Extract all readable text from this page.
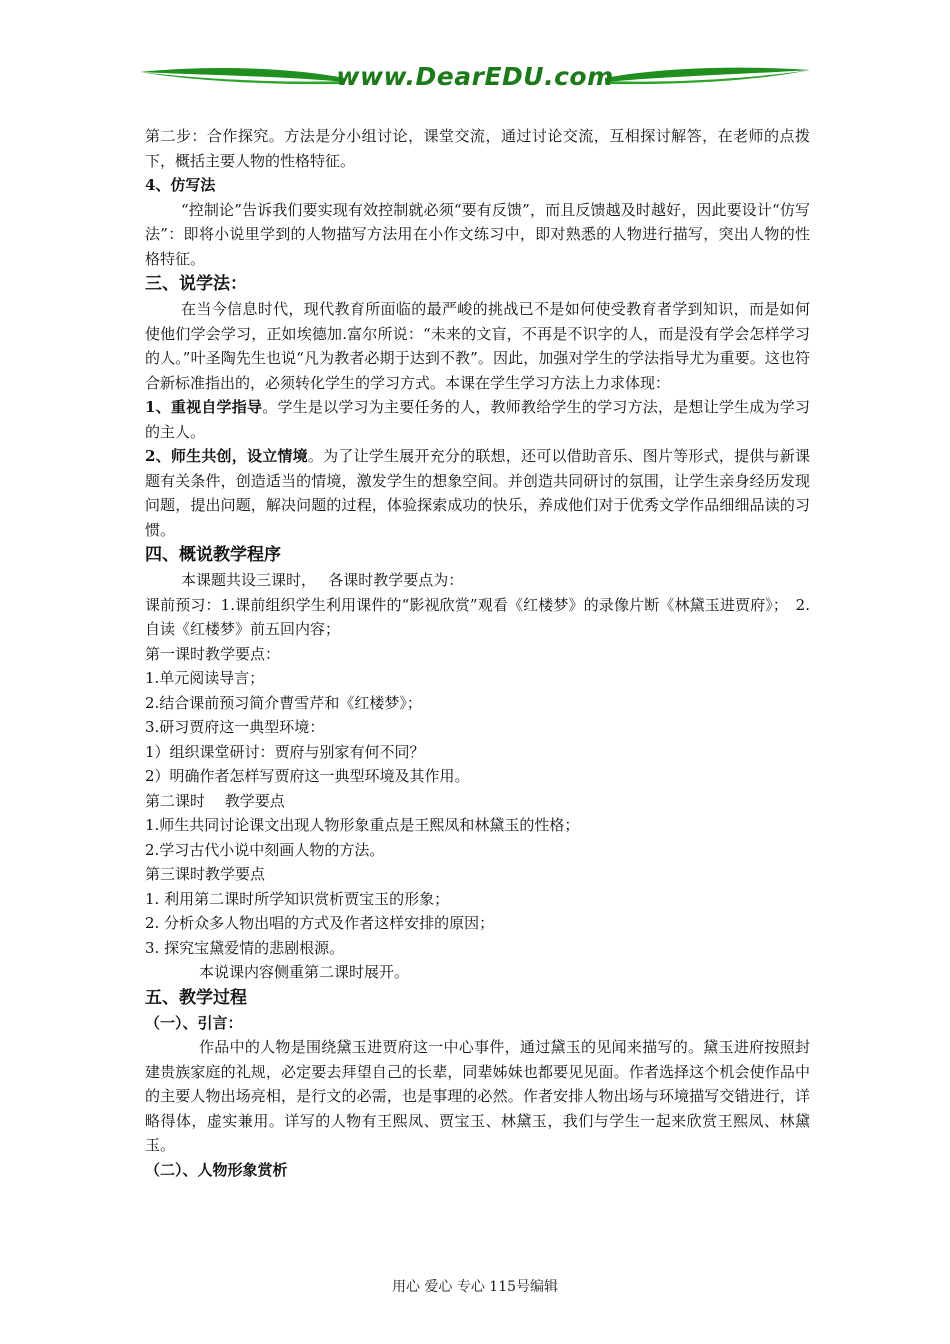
www.DearEDU.com

第二步：合作探究。方法是分小组讨论，课堂交流，通过讨论交流，互相探讨解答，在老师的点拨下，概括主要人物的性格特征。

4、仿写法

“控制论”告诉我们要实现有效控制就必须“要有反馈”，而且反馈越及时越好，因此要设计“仿写法”：即将小说里学到的人物描写方法用在小作文练习中，即对熟悉的人物进行描写，突出人物的性格特征。

三、说学法：

在当今信息时代，现代教育所面临的最严峻的挑战已不是如何使受教育者学到知识，而是如何使他们学会学习，正如埃德加.富尔所说：“未来的文盲，不再是不识字的人，而是没有学会怎样学习的人。”叶圣陶先生也说“凡为教者必期于达到不教”。因此，加强对学生的学法指导尤为重要。这也符合新标准指出的，必须转化学生的学习方式。本课在学生学习方法上力求体现：

1、重视自学指导。学生是以学习为主要任务的人，教师教给学生的学习方法，是想让学生成为学习的主人。

2、师生共创，设立情境。为了让学生展开充分的联想，还可以借助音乐、图片等形式，提供与新课题有关条件，创造适当的情境，激发学生的想象空间。并创造共同研讨的氛围，让学生亲身经历发现问题，提出问题，解决问题的过程，体验探索成功的快乐，养成他们对于优秀文学作品细细品读的习惯。

四、概说教学程序

本课题共设三课时，　 各课时教学要点为：

课前预习：1.课前组织学生利用课件的“影视欣赏”观看《红楼梦》的录像片断《林黛玉进贾府》；　2.自读《红楼梦》前五回内容；

第一课时教学要点：

1.单元阅读导言；

2.结合课前预习简介曹雪芹和《红楼梦》；

3.研习贾府这一典型环境：

1）组织课堂研讨：贾府与别家有何不同？

2）明确作者怎样写贾府这一典型环境及其作用。

第二课时　 教学要点

1.师生共同讨论课文出现人物形象重点是王熙凤和林黛玉的性格；

2.学习古代小说中刻画人物的方法。

第三课时教学要点

1. 利用第二课时所学知识赏析贾宝玉的形象；

2. 分析众多人物出唱的方式及作者这样安排的原因；

3. 探究宝黛爱情的悲剧根源。

本说课内容侧重第二课时展开。

五、教学过程

（一）、引言：

作品中的人物是围绕黛玉进贾府这一中心事件，通过黛玉的见闻来描写的。黛玉进府按照封建贵族家庭的礼规，必定要去拜望自己的长辈，同辈姊妹也都要见见面。作者选择这个机会使作品中的主要人物出场亮相，是行文的必需，也是事理的必然。作者安排人物出场与环境描写交错进行，详略得体，虚实兼用。详写的人物有王熙凤、贾宝玉、林黛玉，我们与学生一起来欣赏王熙凤、林黛玉。

（二）、人物形象赏析

用心 爱心 专心 115号编辑
